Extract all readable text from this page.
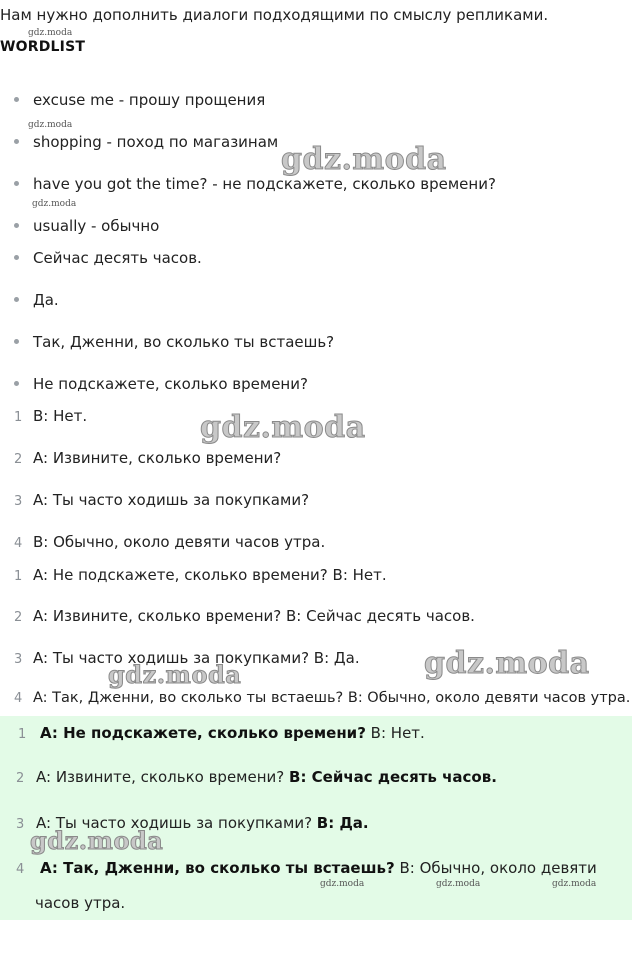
Нам нужно дополнить диалоги подходящими по смыслу репликами.
WORDLIST
excuse me - прошу прощения
shopping - поход по магазинам
have you got the time? - не подскажете, сколько времени?
usually - обычно
Сейчас десять часов.
Да.
Так, Дженни, во сколько ты встаешь?
Не подскажете, сколько времени?
1 B: Нет.
2 A: Извините, сколько времени?
3 A: Ты часто ходишь за покупками?
4 B: Обычно, около девяти часов утра.
1 A: Не подскажете, сколько времени? B: Нет.
2 A: Извините, сколько времени? B: Сейчас десять часов.
3 A: Ты часто ходишь за покупками? B: Да.
4 A: Так, Дженни, во сколько ты встаешь? B: Обычно, около девяти часов утра.
1 A: Не подскажете, сколько времени? B: Нет.
2 A: Извините, сколько времени? B: Сейчас десять часов.
3 A: Ты часто ходишь за покупками? B: Да.
4 A: Так, Дженни, во сколько ты встаешь? B: Обычно, около девяти
часов утра.
gdz.moda
gdz.moda
gdz.moda
gdz.moda
gdz.moda
gdz.moda
gdz.moda
gdz.moda
gdz.moda	gdz.moda	gdz.moda
